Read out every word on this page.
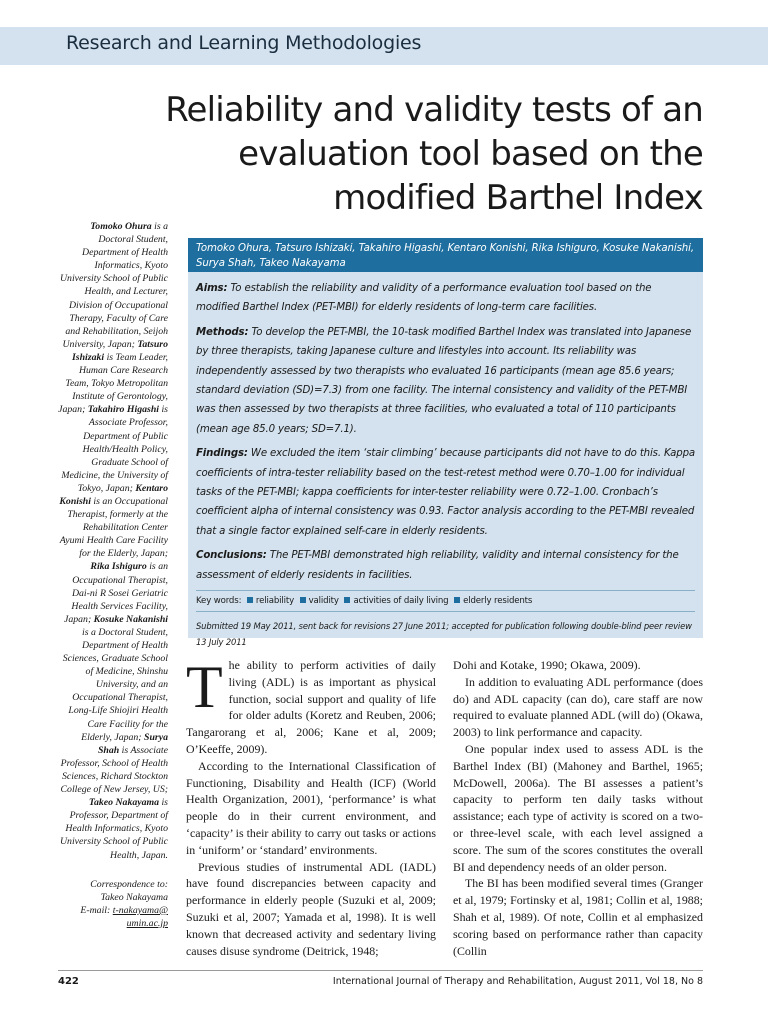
Research and Learning Methodologies
Reliability and validity tests of an evaluation tool based on the modified Barthel Index
Tomoko Ohura is a Doctoral Student, Department of Health Informatics, Kyoto University School of Public Health, and Lecturer, Division of Occupational Therapy, Faculty of Care and Rehabilitation, Seijoh University, Japan; Tatsuro Ishizaki is Team Leader, Human Care Research Team, Tokyo Metropolitan Institute of Gerontology, Japan; Takahiro Higashi is Associate Professor, Department of Public Health/Health Policy, Graduate School of Medicine, the University of Tokyo, Japan; Kentaro Konishi is an Occupational Therapist, formerly at the Rehabilitation Center Ayumi Health Care Facility for the Elderly, Japan; Rika Ishiguro is an Occupational Therapist, Dai-ni R Sosei Geriatric Health Services Facility, Japan; Kosuke Nakanishi is a Doctoral Student, Department of Health Sciences, Graduate School of Medicine, Shinshu University, and an Occupational Therapist, Long-Life Shiojiri Health Care Facility for the Elderly, Japan; Surya Shah is Associate Professor, School of Health Sciences, Richard Stockton College of New Jersey, US; Takeo Nakayama is Professor, Department of Health Informatics, Kyoto University School of Public Health, Japan.
Correspondence to:
Takeo Nakayama
E-mail: t-nakayama@
umin.ac.jp
Tomoko Ohura, Tatsuro Ishizaki, Takahiro Higashi, Kentaro Konishi, Rika Ishiguro, Kosuke Nakanishi, Surya Shah, Takeo Nakayama

Aims: To establish the reliability and validity of a performance evaluation tool based on the modified Barthel Index (PET-MBI) for elderly residents of long-term care facilities.

Methods: To develop the PET-MBI, the 10-task modified Barthel Index was translated into Japanese by three therapists, taking Japanese culture and lifestyles into account. Its reliability was independently assessed by two therapists who evaluated 16 participants (mean age 85.6 years; standard deviation (SD)=7.3) from one facility. The internal consistency and validity of the PET-MBI was then assessed by two therapists at three facilities, who evaluated a total of 110 participants (mean age 85.0 years; SD=7.1).

Findings: We excluded the item ‘stair climbing’ because participants did not have to do this. Kappa coefficients of intra-tester reliability based on the test-retest method were 0.70–1.00 for individual tasks of the PET-MBI; kappa coefficients for inter-tester reliability were 0.72–1.00. Cronbach’s coefficient alpha of internal consistency was 0.93. Factor analysis according to the PET-MBI revealed that a single factor explained self-care in elderly residents.

Conclusions: The PET-MBI demonstrated high reliability, validity and internal consistency for the assessment of elderly residents in facilities.

Key words: reliability validity activities of daily living elderly residents

Submitted 19 May 2011, sent back for revisions 27 June 2011; accepted for publication following double-blind peer review 13 July 2011

The ability to perform activities of daily living (ADL) is as important as physical function, social support and quality of life for older adults (Koretz and Reuben, 2006; Tangarorang et al, 2006; Kane et al, 2009; O’Keeffe, 2009).

According to the International Classification of Functioning, Disability and Health (ICF) (World Health Organization, 2001), ‘performance’ is what people do in their current environment, and ‘capacity’ is their ability to carry out tasks or actions in ‘uniform’ or ‘standard’ environments.

Previous studies of instrumental ADL (IADL) have found discrepancies between capacity and performance in elderly people (Suzuki et al, 2009; Suzuki et al, 2007; Yamada et al, 1998). It is well known that decreased activity and sedentary living causes disuse syndrome (Deitrick, 1948;

Dohi and Kotake, 1990; Okawa, 2009).

In addition to evaluating ADL performance (does do) and ADL capacity (can do), care staff are now required to evaluate planned ADL (will do) (Okawa, 2003) to link performance and capacity.

One popular index used to assess ADL is the Barthel Index (BI) (Mahoney and Barthel, 1965; McDowell, 2006a). The BI assesses a patient’s capacity to perform ten daily tasks without assistance; each type of activity is scored on a two- or three-level scale, with each level assigned a score. The sum of the scores constitutes the overall BI and dependency needs of an older person.

The BI has been modified several times (Granger et al, 1979; Fortinsky et al, 1981; Collin et al, 1988; Shah et al, 1989). Of note, Collin et al emphasized scoring based on performance rather than capacity (Collin

422	International Journal of Therapy and Rehabilitation, August 2011, Vol 18, No 8
